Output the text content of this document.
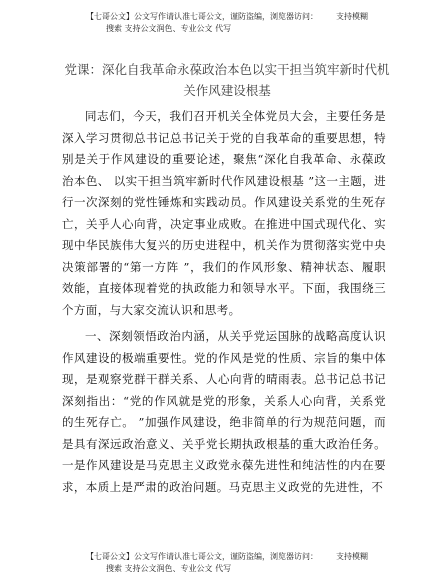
【七哥公文】公文写作请认准七哥公文，谨防盗编，浏览器访问： 支持模糊
搜索 支持公文润色、专业公文 代写
党课：深化自我革命永葆政治本色以实干担当筑牢新时代机关作风建设根基

同志们，今天，我们召开机关全体党员大会，主要任务是深入学习贯彻总书记总书记关于党的自我革命的重要思想，特别是关于作风建设的重要论述，聚焦“深化自我革命、永葆政治本色、 以实干担当筑牢新时代作风建设根基 ”这一主题，进 行一次深刻的党性锤炼和实践动员。作风建设关系党的生死存 亡，关乎人心向背，决定事业成败。在推进中国式现代化、实 现中华民族伟大复兴的历史进程中，机关作为贯彻落实党中央 决策部署的“第一方阵 ”，我们的作风形象、精神状态、履职 效能，直接体现着党的执政能力和领导水平。下面，我围绕三 个方面，与大家交流认识和思考。

一、深刻领悟政治内涵，从关乎党运国脉的战略高度认识作风建设的极端重要性。党的作风是党的性质、宗旨的集中体现，是观察党群干群关系、人心向背的晴雨表。总书记总书记深刻指出：“党的作风就是党的形象，关系人心向背，关系党 的生死存亡。 ”加强作风建设，绝非简单的行为规范问题，而 是具有深远政治意义、关乎党长期执政根基的重大政治任务。 一是作风建设是马克思主义政党永葆先进性和纯洁性的内在要 求，本质上是严肃的政治问题。马克思主义政党的先进性，不

【七哥公文】公文写作请认准七哥公文，谨防盗编，浏览器访问： 支持模糊
搜索 支持公文润色、专业公文 代写
